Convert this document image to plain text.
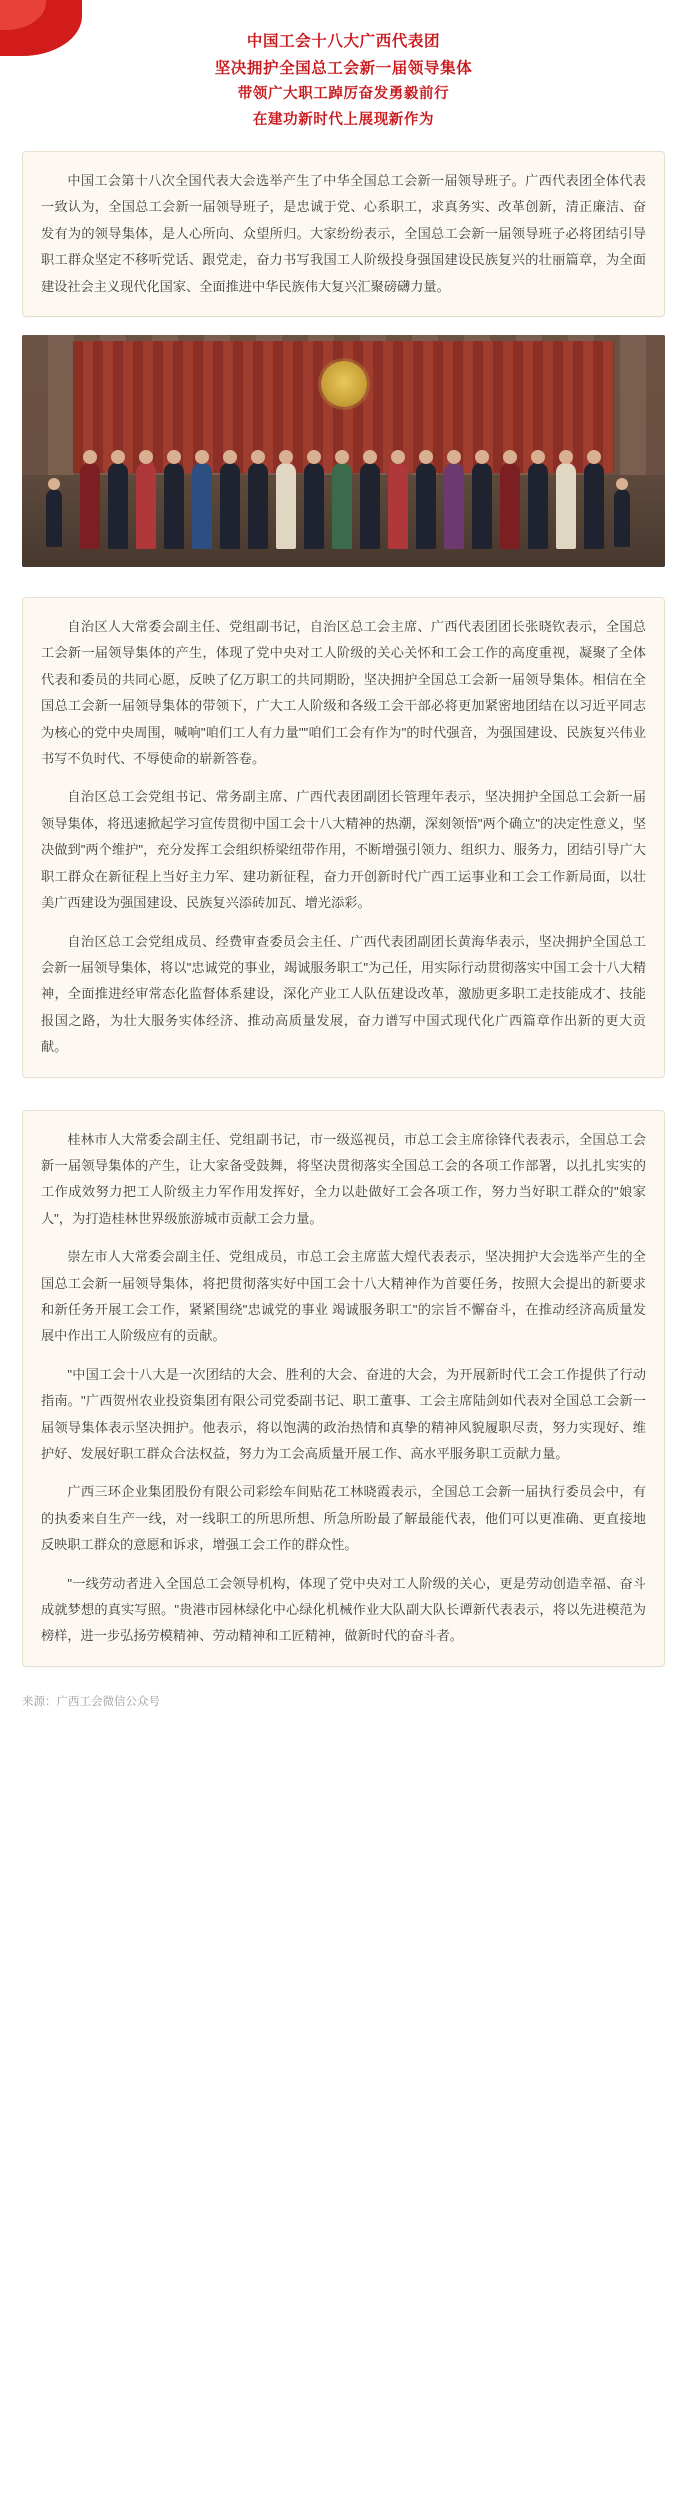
中国工会十八大广西代表团
坚决拥护全国总工会新一届领导集体
带领广大职工踔厉奋发勇毅前行
在建功新时代上展现新作为

中国工会第十八次全国代表大会选举产生了中华全国总工会新一届领导班子。广西代表团全体代表一致认为，全国总工会新一届领导班子，是忠诚于党、心系职工，求真务实、改革创新，清正廉洁、奋发有为的领导集体，是人心所向、众望所归。大家纷纷表示，全国总工会新一届领导班子必将团结引导职工群众坚定不移听党话、跟党走，奋力书写我国工人阶级投身强国建设民族复兴的壮丽篇章，为全面建设社会主义现代化国家、全面推进中华民族伟大复兴汇聚磅礴力量。

自治区人大常委会副主任、党组副书记，自治区总工会主席、广西代表团团长张晓钦表示，全国总工会新一届领导集体的产生，体现了党中央对工人阶级的关心关怀和工会工作的高度重视，凝聚了全体代表和委员的共同心愿，反映了亿万职工的共同期盼，坚决拥护全国总工会新一届领导集体。相信在全国总工会新一届领导集体的带领下，广大工人阶级和各级工会干部必将更加紧密地团结在以习近平同志为核心的党中央周围，喊响"咱们工人有力量""咱们工会有作为"的时代强音，为强国建设、民族复兴伟业书写不负时代、不辱使命的崭新答卷。

自治区总工会党组书记、常务副主席、广西代表团副团长管理年表示，坚决拥护全国总工会新一届领导集体，将迅速掀起学习宣传贯彻中国工会十八大精神的热潮，深刻领悟"两个确立"的决定性意义，坚决做到"两个维护"，充分发挥工会组织桥梁纽带作用，不断增强引领力、组织力、服务力，团结引导广大职工群众在新征程上当好主力军、建功新征程，奋力开创新时代广西工运事业和工会工作新局面，以壮美广西建设为强国建设、民族复兴添砖加瓦、增光添彩。

自治区总工会党组成员、经费审查委员会主任、广西代表团副团长黄海华表示，坚决拥护全国总工会新一届领导集体，将以"忠诚党的事业，竭诚服务职工"为己任，用实际行动贯彻落实中国工会十八大精神，全面推进经审常态化监督体系建设，深化产业工人队伍建设改革，激励更多职工走技能成才、技能报国之路，为壮大服务实体经济、推动高质量发展，奋力谱写中国式现代化广西篇章作出新的更大贡献。

桂林市人大常委会副主任、党组副书记，市一级巡视员，市总工会主席徐锋代表表示，全国总工会新一届领导集体的产生，让大家备受鼓舞，将坚决贯彻落实全国总工会的各项工作部署，以扎扎实实的工作成效努力把工人阶级主力军作用发挥好，全力以赴做好工会各项工作，努力当好职工群众的"娘家人"，为打造桂林世界级旅游城市贡献工会力量。

崇左市人大常委会副主任、党组成员，市总工会主席蓝大煌代表表示，坚决拥护大会选举产生的全国总工会新一届领导集体，将把贯彻落实好中国工会十八大精神作为首要任务，按照大会提出的新要求和新任务开展工会工作，紧紧围绕"忠诚党的事业 竭诚服务职工"的宗旨不懈奋斗，在推动经济高质量发展中作出工人阶级应有的贡献。

"中国工会十八大是一次团结的大会、胜利的大会、奋进的大会，为开展新时代工会工作提供了行动指南。"广西贺州农业投资集团有限公司党委副书记、职工董事、工会主席陆剑如代表对全国总工会新一届领导集体表示坚决拥护。他表示，将以饱满的政治热情和真挚的精神风貌履职尽责，努力实现好、维护好、发展好职工群众合法权益，努力为工会高质量开展工作、高水平服务职工贡献力量。

广西三环企业集团股份有限公司彩绘车间贴花工林晓霞表示，全国总工会新一届执行委员会中，有的执委来自生产一线，对一线职工的所思所想、所急所盼最了解最能代表，他们可以更准确、更直接地反映职工群众的意愿和诉求，增强工会工作的群众性。

"一线劳动者进入全国总工会领导机构，体现了党中央对工人阶级的关心，更是劳动创造幸福、奋斗成就梦想的真实写照。"贵港市园林绿化中心绿化机械作业大队副大队长谭新代表表示，将以先进模范为榜样，进一步弘扬劳模精神、劳动精神和工匠精神，做新时代的奋斗者。

来源：广西工会微信公众号
